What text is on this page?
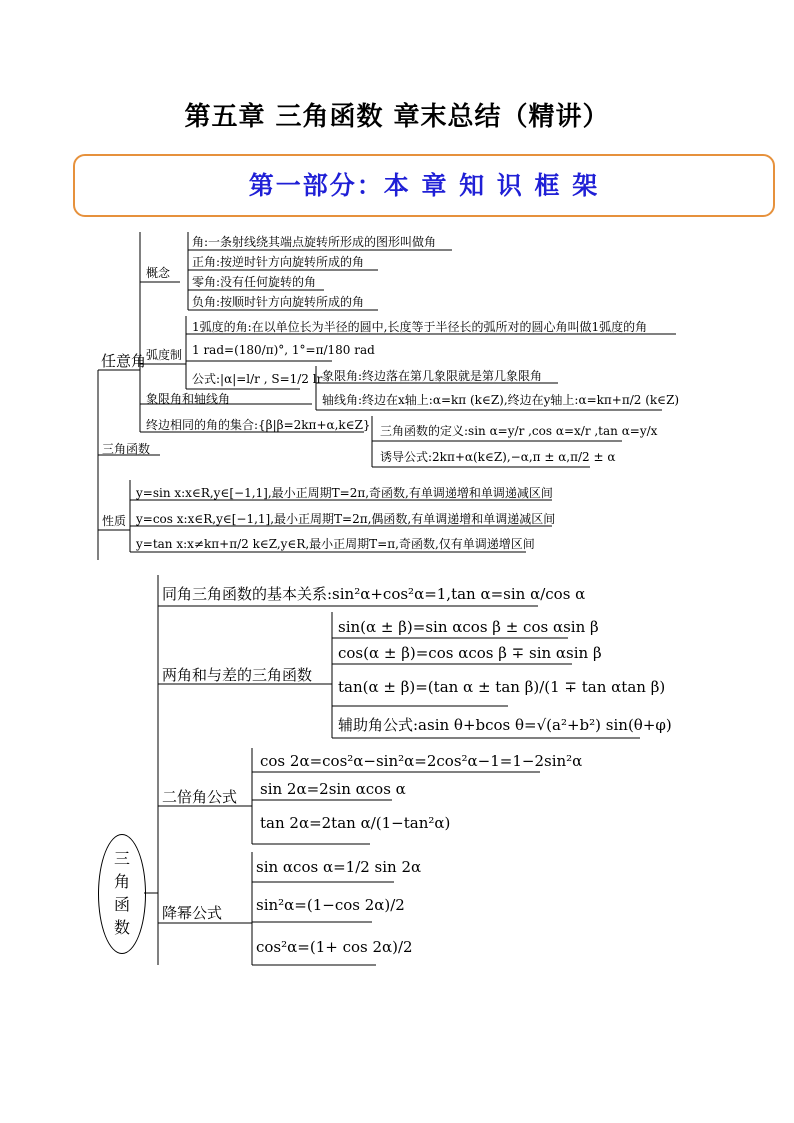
第五章 三角函数 章末总结（精讲）
第一部分：本 章 知 识 框 架
任意角
概念
角:一条射线绕其端点旋转所形成的图形叫做角
正角:按逆时针方向旋转所成的角
零角:没有任何旋转的角
负角:按顺时针方向旋转所成的角
弧度制
1弧度的角:在以单位长为半径的圆中,长度等于半径长的弧所对的圆心角叫做1弧度的角
1 rad=(180/π)°, 1°=π/180 rad
公式:|α|=l/r , S=1/2 lr
象限角和轴线角
象限角:终边落在第几象限就是第几象限角
轴线角:终边在x轴上:α=kπ (k∈Z),终边在y轴上:α=kπ+π/2 (k∈Z)
终边相同的角的集合:{β|β=2kπ+α,k∈Z}
三角函数
三角函数的定义:sin α=y/r ,cos α=x/r ,tan α=y/x
诱导公式:2kπ+α(k∈Z),−α,π ± α,π/2 ± α
性质
y=sin x:x∈R,y∈[−1,1],最小正周期T=2π,奇函数,有单调递增和单调递减区间
y=cos x:x∈R,y∈[−1,1],最小正周期T=2π,偶函数,有单调递增和单调递减区间
y=tan x:x≠kπ+π/2 k∈Z,y∈R,最小正周期T=π,奇函数,仅有单调递增区间
三角函数
同角三角函数的基本关系:sin²α+cos²α=1,tan α=sin α/cos α
两角和与差的三角函数
sin(α ± β)=sin αcos β ± cos αsin β
cos(α ± β)=cos αcos β ∓ sin αsin β
tan(α ± β)=(tan α ± tan β)/(1 ∓ tan αtan β)
辅助角公式:asin θ+bcos θ=√(a²+b²) sin(θ+φ)
二倍角公式
cos 2α=cos²α−sin²α=2cos²α−1=1−2sin²α
sin 2α=2sin αcos α
tan 2α=2tan α/(1−tan²α)
降幂公式
sin αcos α=1/2 sin 2α
sin²α=(1−cos 2α)/2
cos²α=(1+ cos 2α)/2
